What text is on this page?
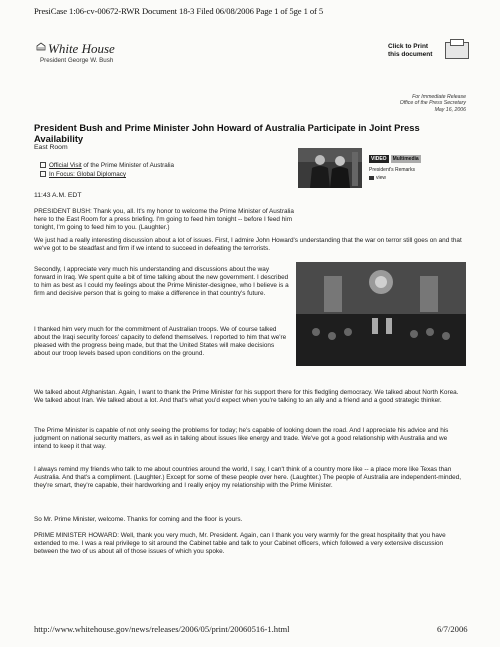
PresiCase 1:06-cv-00672-RWR Document 18-3 Filed 06/08/2006 Page 1 of 5ge 1 of 5
White House
President George W. Bush
Click to Print
this document
For Immediate Release
Office of the Press Secretary
May 16, 2006
President Bush and Prime Minister John Howard of Australia Participate in Joint Press Availability
East Room
Official Visit of the Prime Minister of Australia
In Focus: Global Diplomacy
11:43 A.M. EDT
VIDEO	Multimedia
President's Remarks
view

PRESIDENT BUSH: Thank you, all. It's my honor to welcome the Prime Minister of Australia here to the East Room for a press briefing. I'm going to feed him tonight -- before I feed him tonight, I'm going to feed him to you. (Laughter.)

We just had a really interesting discussion about a lot of issues. First, I admire John Howard's understanding that the war on terror still goes on and that we've got to be steadfast and firm if we intend to succeed in defeating the terrorists.

Secondly, I appreciate very much his understanding and discussions about the way forward in Iraq. We spent quite a bit of time talking about the new government. I described to him as best as I could my feelings about the Prime Minister-designee, who I believe is a firm and decisive person that is going to make a difference in that country's future.

I thanked him very much for the commitment of Australian troops. We of course talked about the Iraqi security forces' capacity to defend themselves. I reported to him that we're pleased with the progress being made, but that the United States will make decisions about our troop levels based upon conditions on the ground.

We talked about Afghanistan. Again, I want to thank the Prime Minister for his support there for this fledgling democracy. We talked about North Korea. We talked about Iran. We talked about a lot. And that's what you'd expect when you're talking to an ally and a friend and a good strategic thinker.

The Prime Minister is capable of not only seeing the problems for today; he's capable of looking down the road. And I appreciate his advice and his judgment on national security matters, as well as in talking about issues like energy and trade. We've got a good relationship with Australia and we intend to keep it that way.

I always remind my friends who talk to me about countries around the world, I say, I can't think of a country more like -- a place more like Texas than Australia. And that's a compliment. (Laughter.) Except for some of these people over here. (Laughter.) The people of Australia are independent-minded, they're smart, they're capable, their hardworking and I really enjoy my relationship with the Prime Minister.

So Mr. Prime Minister, welcome. Thanks for coming and the floor is yours.

PRIME MINISTER HOWARD: Well, thank you very much, Mr. President. Again, can I thank you very warmly for the great hospitality that you have extended to me. I was a real privilege to sit around the Cabinet table and talk to your Cabinet officers, which followed a very extensive discussion between the two of us about all of those issues of which you spoke.

http://www.whitehouse.gov/news/releases/2006/05/print/20060516-1.html	6/7/2006
